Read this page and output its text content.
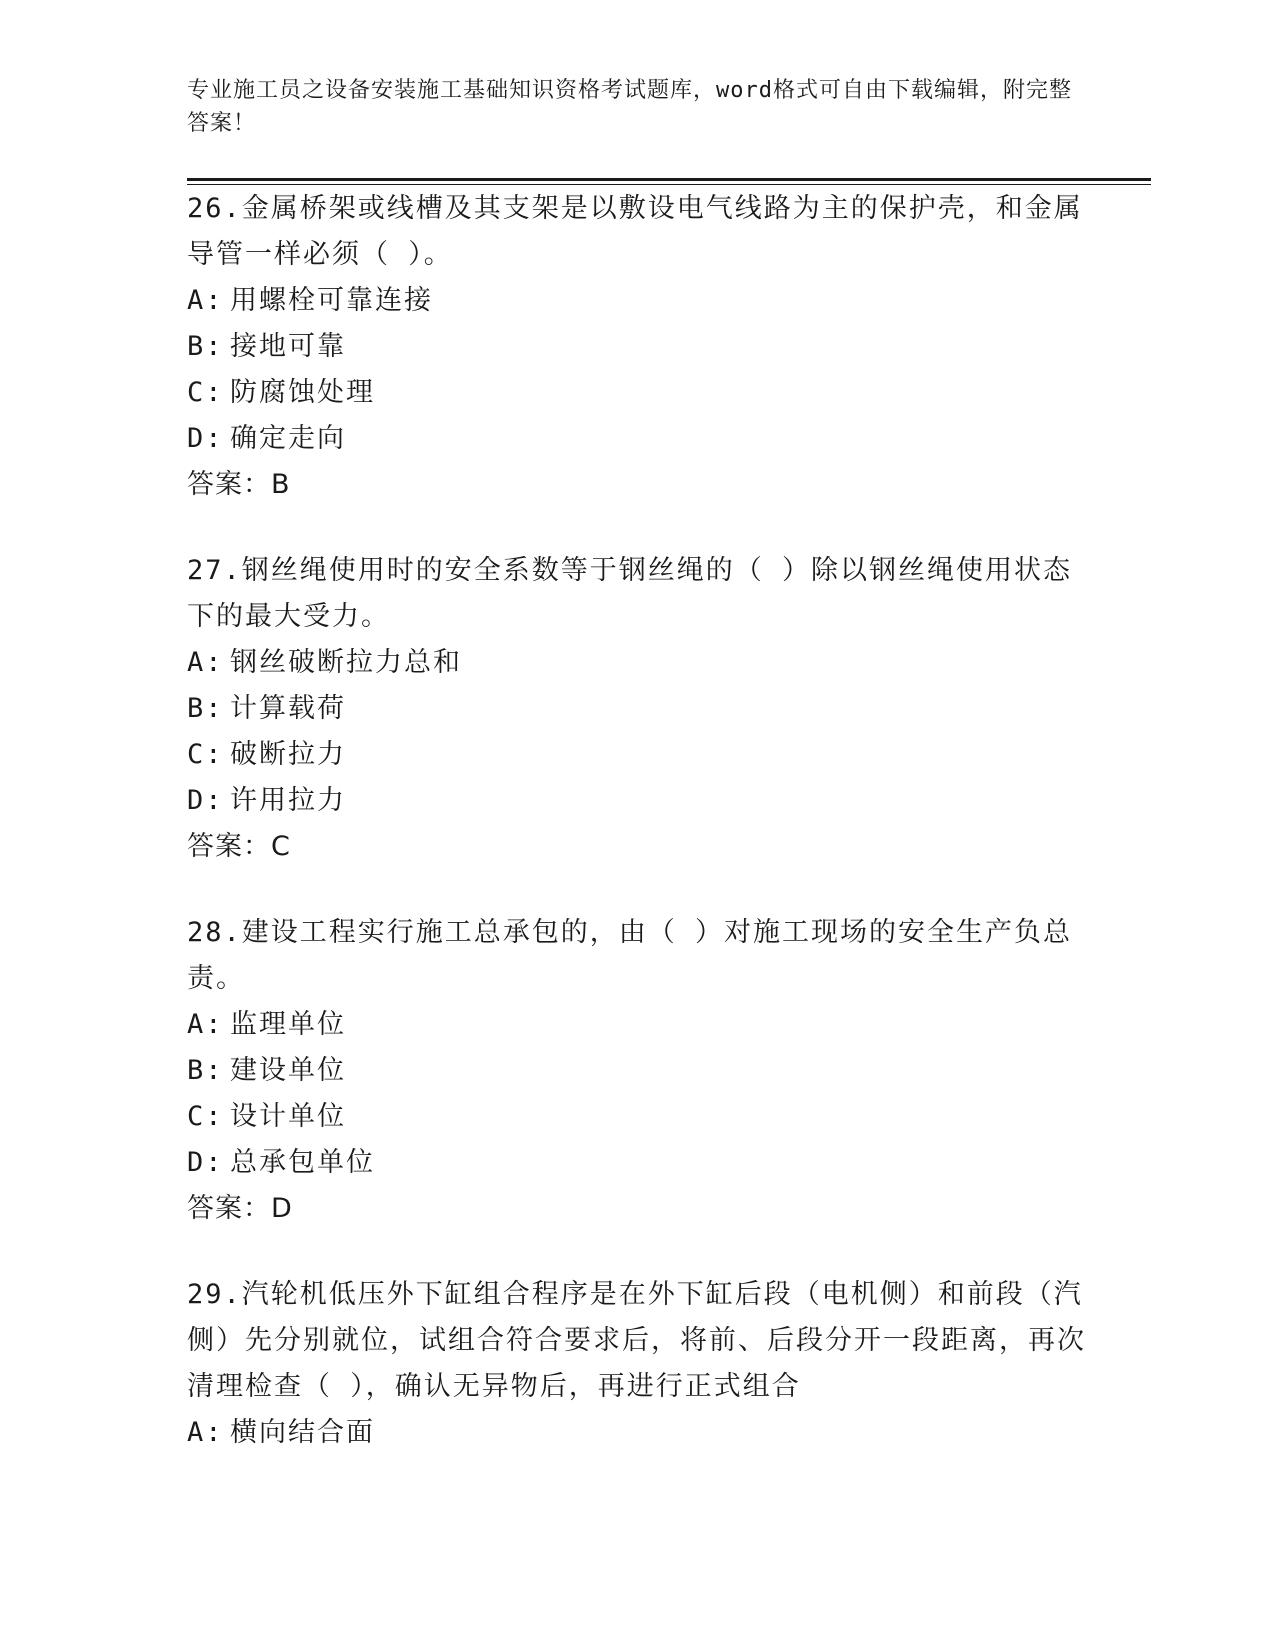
专业施工员之设备安装施工基础知识资格考试题库，word格式可自由下载编辑，附完整答案！
26.金属桥架或线槽及其支架是以敷设电气线路为主的保护壳，和金属导管一样必须（ ）。
A: 用螺栓可靠连接
B: 接地可靠
C: 防腐蚀处理
D: 确定走向
答案：B
27.钢丝绳使用时的安全系数等于钢丝绳的（ ）除以钢丝绳使用状态下的最大受力。
A: 钢丝破断拉力总和
B: 计算载荷
C: 破断拉力
D: 许用拉力
答案：C
28.建设工程实行施工总承包的，由（ ）对施工现场的安全生产负总责。
A: 监理单位
B: 建设单位
C: 设计单位
D: 总承包单位
答案：D
29.汽轮机低压外下缸组合程序是在外下缸后段（电机侧）和前段（汽侧）先分别就位，试组合符合要求后，将前、后段分开一段距离，再次清理检查（ ），确认无异物后，再进行正式组合
A: 横向结合面
